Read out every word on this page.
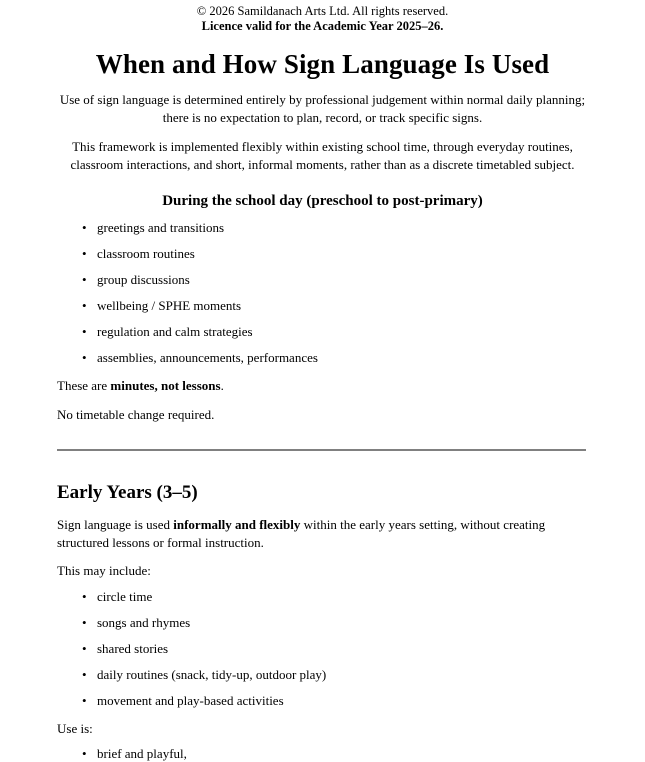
© 2026 Samildanach Arts Ltd. All rights reserved.

Licence valid for the Academic Year 2025–26.

When and How Sign Language Is Used

Use of sign language is determined entirely by professional judgement within normal daily planning; there is no expectation to plan, record, or track specific signs.

This framework is implemented flexibly within existing school time, through everyday routines, classroom interactions, and short, informal moments, rather than as a discrete timetabled subject.

During the school day (preschool to post-primary)
• greetings and transitions
• classroom routines
• group discussions
• wellbeing / SPHE moments
• regulation and calm strategies
• assemblies, announcements, performances

These are minutes, not lessons.

No timetable change required.

Early Years (3–5)

Sign language is used informally and flexibly within the early years setting, without creating structured lessons or formal instruction.

This may include:

• circle time
• songs and rhymes
• shared stories
• daily routines (snack, tidy-up, outdoor play)
• movement and play-based activities

Use is:

• brief and playful,
